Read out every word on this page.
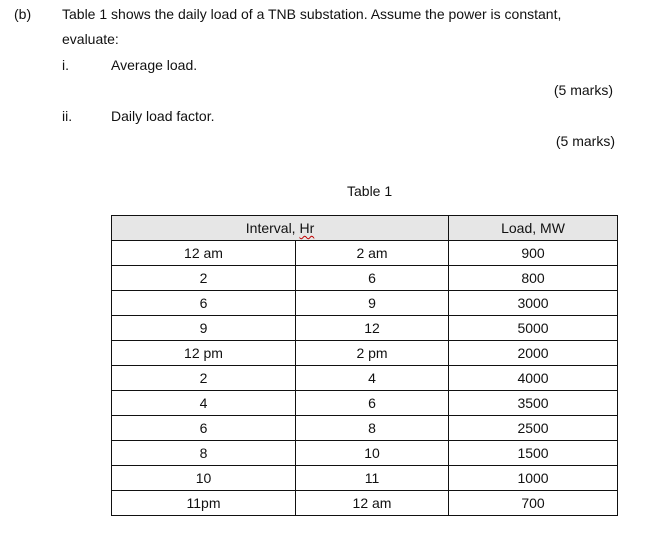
(b) Table 1 shows the daily load of a TNB substation. Assume the power is constant,
evaluate:
i.	Average load.
(5 marks)
ii.	Daily load factor.
(5 marks)
Table 1
Interval, Hr		Load, MW
12 am	2 am	900
2	6	800
6	9	3000
9	12	5000
12 pm	2 pm	2000
2	4	4000
4	6	3500
6	8	2500
8	10	1500
10	11	1000
11pm	12 am	700
